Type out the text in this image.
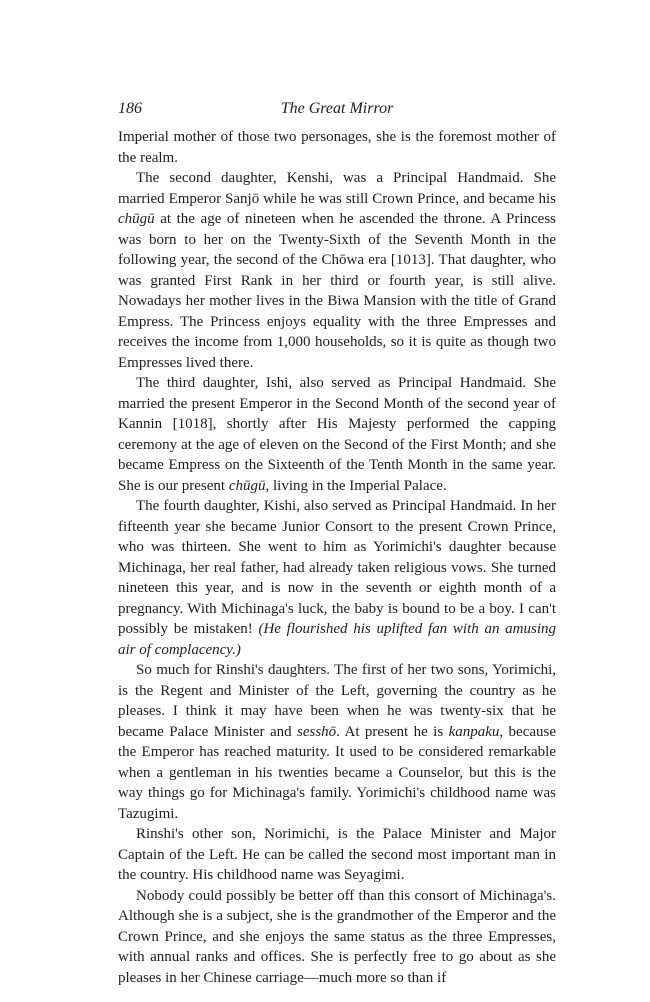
186	The Great Mirror

Imperial mother of those two personages, she is the foremost mother of the realm.

The second daughter, Kenshi, was a Principal Handmaid. She married Emperor Sanjō while he was still Crown Prince, and became his chūgū at the age of nineteen when he ascended the throne. A Princess was born to her on the Twenty-Sixth of the Seventh Month in the following year, the second of the Chōwa era [1013]. That daughter, who was granted First Rank in her third or fourth year, is still alive. Nowadays her mother lives in the Biwa Mansion with the title of Grand Empress. The Princess enjoys equality with the three Empresses and receives the income from 1,000 households, so it is quite as though two Empresses lived there.

The third daughter, Ishi, also served as Principal Handmaid. She married the present Emperor in the Second Month of the second year of Kannin [1018], shortly after His Majesty performed the capping ceremony at the age of eleven on the Second of the First Month; and she became Empress on the Sixteenth of the Tenth Month in the same year. She is our present chūgū, living in the Imperial Palace.

The fourth daughter, Kishi, also served as Principal Handmaid. In her fifteenth year she became Junior Consort to the present Crown Prince, who was thirteen. She went to him as Yorimichi's daughter because Michinaga, her real father, had already taken religious vows. She turned nineteen this year, and is now in the seventh or eighth month of a pregnancy. With Michinaga's luck, the baby is bound to be a boy. I can't possibly be mistaken! (He flourished his uplifted fan with an amusing air of complacency.)

So much for Rinshi's daughters. The first of her two sons, Yorimichi, is the Regent and Minister of the Left, governing the country as he pleases. I think it may have been when he was twenty-six that he became Palace Minister and sesshō. At present he is kanpaku, because the Emperor has reached maturity. It used to be considered remarkable when a gentleman in his twenties became a Counselor, but this is the way things go for Michinaga's family. Yorimichi's childhood name was Tazugimi.

Rinshi's other son, Norimichi, is the Palace Minister and Major Captain of the Left. He can be called the second most important man in the country. His childhood name was Seyagimi.

Nobody could possibly be better off than this consort of Michinaga's. Although she is a subject, she is the grandmother of the Emperor and the Crown Prince, and she enjoys the same status as the three Empresses, with annual ranks and offices. She is perfectly free to go about as she pleases in her Chinese carriage—much more so than if
